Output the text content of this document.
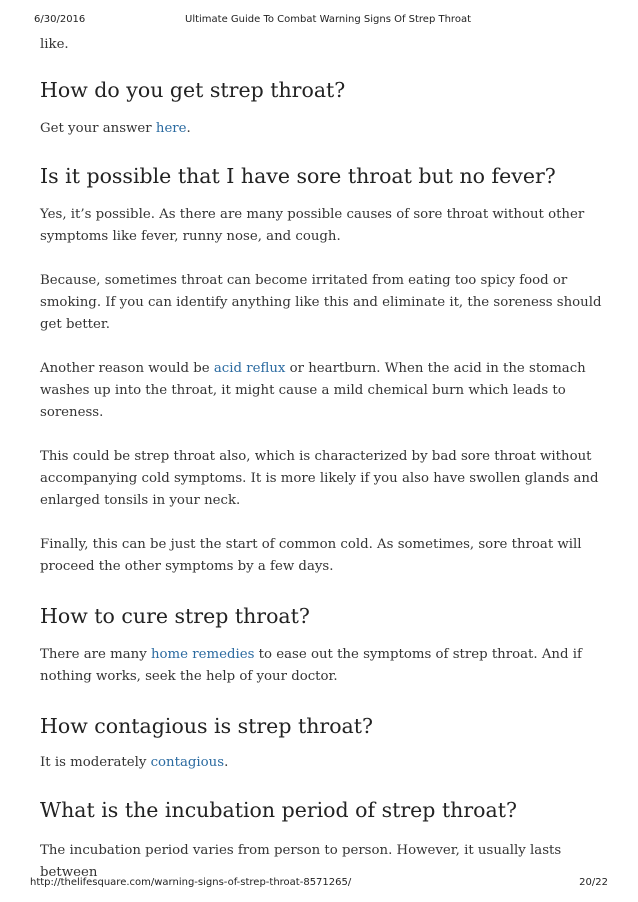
6/30/2016	Ultimate Guide To Combat Warning Signs Of Strep Throat

like.

How do you get strep throat?

Get your answer here.

Is it possible that I have sore throat but no fever?

Yes, it’s possible. As there are many possible causes of sore throat without other symptoms like fever, runny nose, and cough.

Because, sometimes throat can become irritated from eating too spicy food or smoking. If you can identify anything like this and eliminate it, the soreness should get better.

Another reason would be acid reflux or heartburn. When the acid in the stomach washes up into the throat, it might cause a mild chemical burn which leads to soreness.

This could be strep throat also, which is characterized by bad sore throat without accompanying cold symptoms. It is more likely if you also have swollen glands and enlarged tonsils in your neck.

Finally, this can be just the start of common cold. As sometimes, sore throat will proceed the other symptoms by a few days.

How to cure strep throat?

There are many home remedies to ease out the symptoms of strep throat. And if nothing works, seek the help of your doctor.

How contagious is strep throat?

It is moderately contagious.

What is the incubation period of strep throat?

The incubation period varies from person to person. However, it usually lasts between

http://thelifesquare.com/warning-signs-of-strep-throat-8571265/	20/22
